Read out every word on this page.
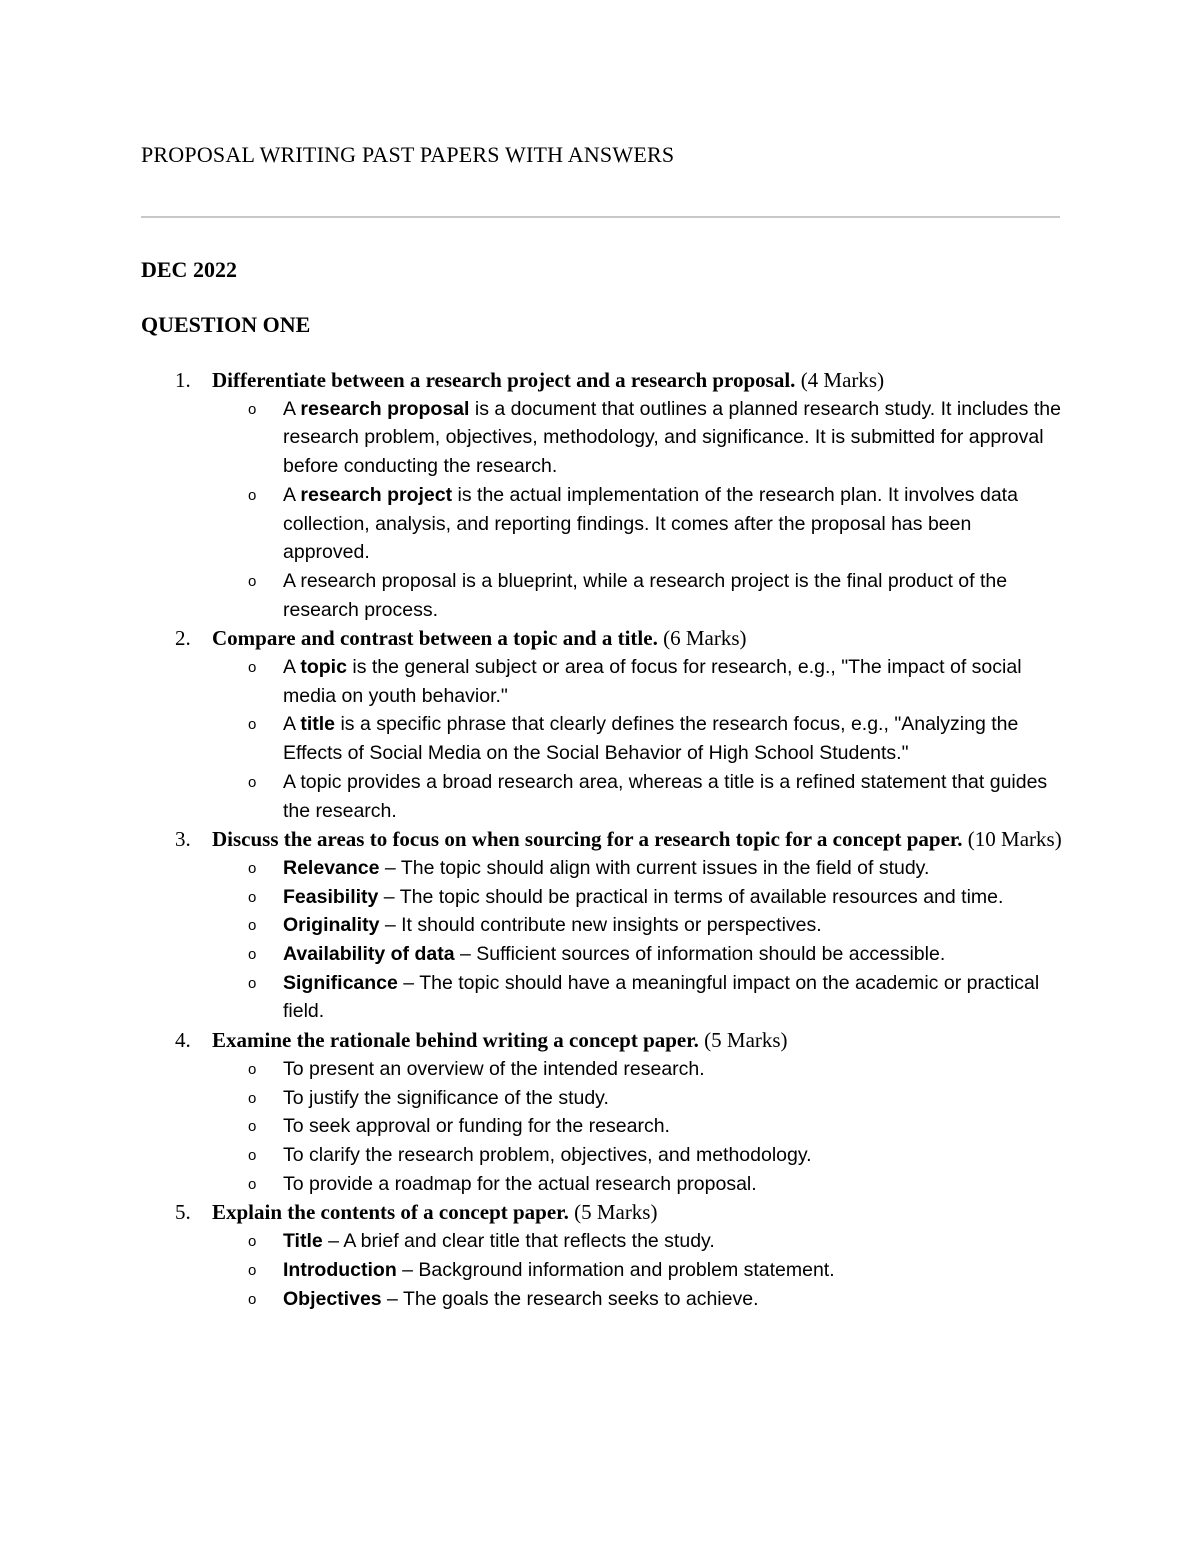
PROPOSAL WRITING PAST PAPERS WITH ANSWERS
DEC 2022
QUESTION ONE
1. Differentiate between a research project and a research proposal. (4 Marks)
o A research proposal is a document that outlines a planned research study. It includes the research problem, objectives, methodology, and significance. It is submitted for approval before conducting the research.
o A research project is the actual implementation of the research plan. It involves data collection, analysis, and reporting findings. It comes after the proposal has been approved.
o A research proposal is a blueprint, while a research project is the final product of the research process.
2. Compare and contrast between a topic and a title. (6 Marks)
o A topic is the general subject or area of focus for research, e.g., "The impact of social media on youth behavior."
o A title is a specific phrase that clearly defines the research focus, e.g., "Analyzing the Effects of Social Media on the Social Behavior of High School Students."
o A topic provides a broad research area, whereas a title is a refined statement that guides the research.
3. Discuss the areas to focus on when sourcing for a research topic for a concept paper. (10 Marks)
o Relevance – The topic should align with current issues in the field of study.
o Feasibility – The topic should be practical in terms of available resources and time.
o Originality – It should contribute new insights or perspectives.
o Availability of data – Sufficient sources of information should be accessible.
o Significance – The topic should have a meaningful impact on the academic or practical field.
4. Examine the rationale behind writing a concept paper. (5 Marks)
o To present an overview of the intended research.
o To justify the significance of the study.
o To seek approval or funding for the research.
o To clarify the research problem, objectives, and methodology.
o To provide a roadmap for the actual research proposal.
5. Explain the contents of a concept paper. (5 Marks)
o Title – A brief and clear title that reflects the study.
o Introduction – Background information and problem statement.
o Objectives – The goals the research seeks to achieve.
